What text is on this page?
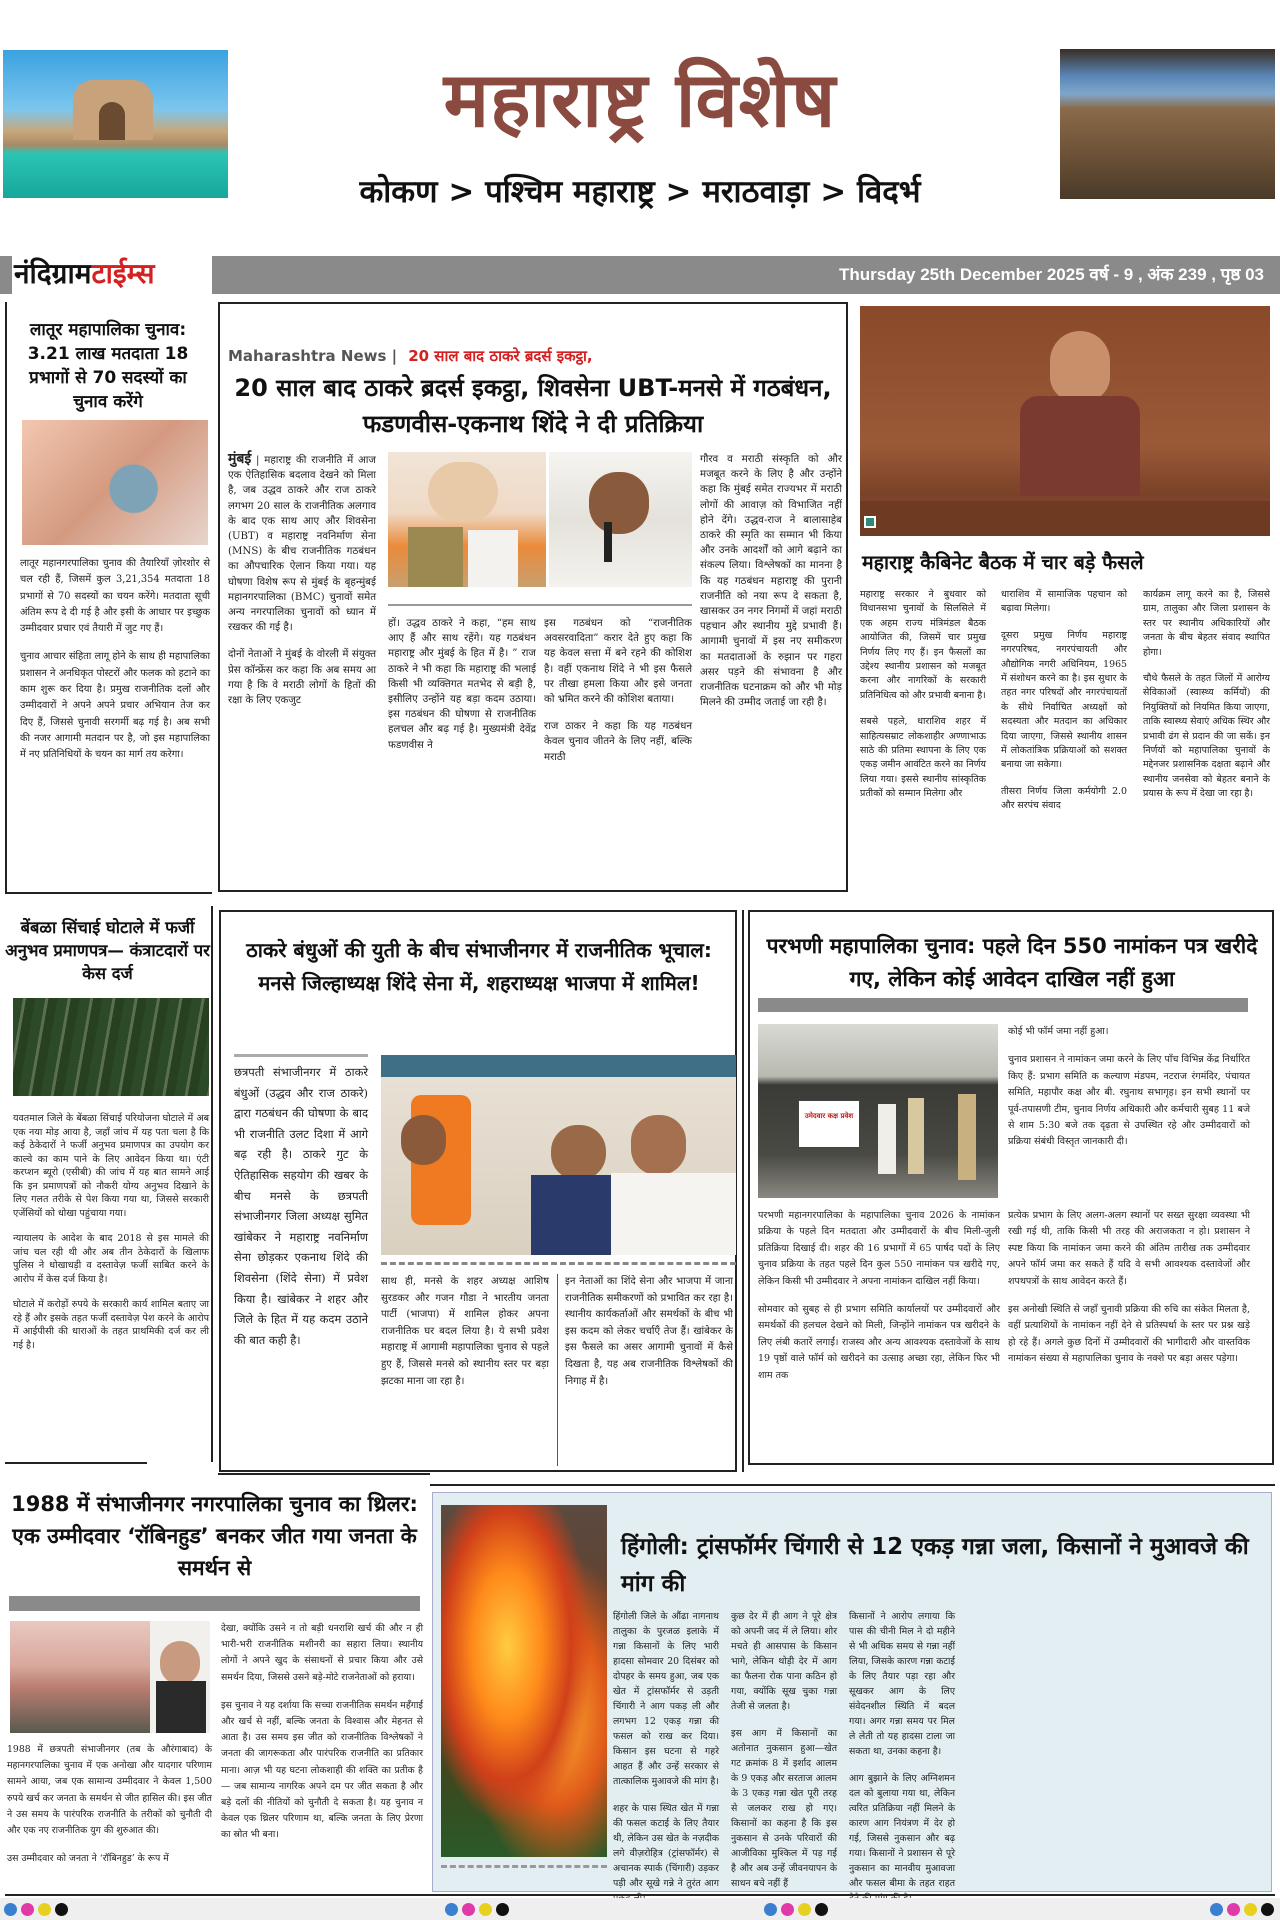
महाराष्ट्र विशेष
कोकण > पश्चिम महाराष्ट्र > मराठवाड़ा > विदर्भ
नंदिग्रामटाईम्स	Thursday 25th December 2025 वर्ष - 9 , अंक 239 , पृष्ठ 03
लातूर महापालिका चुनाव: 3.21 लाख मतदाता 18 प्रभागों से 70 सदस्यों का चुनाव करेंगे

लातूर महानगरपालिका चुनाव की तैयारियाँ ज़ोरशोर से चल रही हैं, जिसमें कुल 3,21,354 मतदाता 18 प्रभागों से 70 सदस्यों का चयन करेंगे। मतदाता सूची अंतिम रूप दे दी गई है और इसी के आधार पर इच्छुक उम्मीदवार प्रचार एवं तैयारी में जुट गए हैं।

चुनाव आचार संहिता लागू होने के साथ ही महापालिका प्रशासन ने अनधिकृत पोस्टरों और फलक को हटाने का काम शुरू कर दिया है। प्रमुख राजनीतिक दलों और उम्मीदवारों ने अपने अपने प्रचार अभियान तेज कर दिए हैं, जिससे चुनावी सरगर्मी बढ़ गई है। अब सभी की नजर आगामी मतदान पर है, जो इस महापालिका में नए प्रतिनिधियों के चयन का मार्ग तय करेगा।

Maharashtra News | 20 साल बाद ठाकरे ब्रदर्स इकट्ठा,
20 साल बाद ठाकरे ब्रदर्स इकट्ठा, शिवसेना UBT-मनसे में गठबंधन, फडणवीस-एकनाथ शिंदे ने दी प्रतिक्रिया

मुंबई | महाराष्ट्र की राजनीति में आज एक ऐतिहासिक बदलाव देखने को मिला है, जब उद्धव ठाकरे और राज ठाकरे लगभग 20 साल के राजनीतिक अलगाव के बाद एक साथ आए और शिवसेना (UBT) व महाराष्ट्र नवनिर्माण सेना (MNS) के बीच राजनीतिक गठबंधन का औपचारिक ऐलान किया गया। यह घोषणा विशेष रूप से मुंबई के बृहन्मुंबई महानगरपालिका (BMC) चुनावों समेत अन्य नगरपालिका चुनावों को ध्यान में रखकर की गई है।

दोनों नेताओं ने मुंबई के वोरली में संयुक्त प्रेस कॉन्फ्रेंस कर कहा कि अब समय आ गया है कि वे मराठी लोगों के हितों की रक्षा के लिए एकजुट

हों। उद्धव ठाकरे ने कहा, “हम साथ आए हैं और साथ रहेंगे। यह गठबंधन महाराष्ट्र और मुंबई के हित में है। ” राज ठाकरे ने भी कहा कि महाराष्ट्र की भलाई किसी भी व्यक्तिगत मतभेद से बड़ी है, इसीलिए उन्होंने यह बड़ा कदम उठाया। इस गठबंधन की घोषणा से राजनीतिक हलचल और बढ़ गई है। मुख्यमंत्री देवेंद्र फडणवीस ने

इस गठबंधन को “राजनीतिक अवसरवादिता” करार देते हुए कहा कि यह केवल सत्ता में बने रहने की कोशिश है। वहीं एकनाथ शिंदे ने भी इस फैसले पर तीखा हमला किया और इसे जनता को भ्रमित करने की कोशिश बताया।

राज ठाकर ने कहा कि यह गठबंधन केवल चुनाव जीतने के लिए नहीं, बल्कि मराठी

गौरव व मराठी संस्कृति को और मजबूत करने के लिए है और उन्होंने कहा कि मुंबई समेत राज्यभर में मराठी लोगों की आवाज़ को विभाजित नहीं होने देंगे। उद्धव-राज ने बालासाहेब ठाकरे की स्मृति का सम्मान भी किया और उनके आदर्शों को आगे बढ़ाने का संकल्प लिया। विश्लेषकों का मानना है कि यह गठबंधन महाराष्ट्र की पुरानी राजनीति को नया रूप दे सकता है, खासकर उन नगर निगमों में जहां मराठी पहचान और स्थानीय मुद्दे प्रभावी हैं। आगामी चुनावों में इस नए समीकरण का मतदाताओं के रुझान पर गहरा असर पड़ने की संभावना है और राजनीतिक घटनाक्रम को और भी मोड़ मिलने की उम्मीद जताई जा रही है।

महाराष्ट्र कैबिनेट बैठक में चार बड़े फैसले

महाराष्ट्र सरकार ने बुधवार को विधानसभा चुनावों के सिलसिले में एक अहम राज्य मंत्रिमंडल बैठक आयोजित की, जिसमें चार प्रमुख निर्णय लिए गए हैं। इन फैसलों का उद्देश्य स्थानीय प्रशासन को मजबूत करना और नागरिकों के सरकारी प्रतिनिधित्व को और प्रभावी बनाना है।

सबसे पहले, धाराशिव शहर में साहित्यसम्राट लोकशाहीर अण्णाभाऊ साठे की प्रतिमा स्थापना के लिए एक एकड़ जमीन आवंटित करने का निर्णय लिया गया। इससे स्थानीय सांस्कृतिक प्रतीकों को सम्मान मिलेगा और

धाराशिव में सामाजिक पहचान को बढ़ावा मिलेगा।

दूसरा प्रमुख निर्णय महाराष्ट्र नगरपरिषद, नगरपंचायती और औद्योगिक नगरी अधिनियम, 1965 में संशोधन करने का है। इस सुधार के तहत नगर परिषदों और नगरपंचायतों के सीधे निर्वाचित अध्यक्षों को सदस्यता और मतदान का अधिकार दिया जाएगा, जिससे स्थानीय शासन में लोकतांत्रिक प्रक्रियाओं को सशक्त बनाया जा सकेगा।

तीसरा निर्णय जिला कर्मयोगी 2.0 और सरपंच संवाद

कार्यक्रम लागू करने का है, जिससे ग्राम, तालुका और जिला प्रशासन के स्तर पर स्थानीय अधिकारियों और जनता के बीच बेहतर संवाद स्थापित होगा।

चौथे फैसले के तहत जिलों में आरोग्य सेविकाओं (स्वास्थ्य कर्मियों) की नियुक्तियों को नियमित किया जाएगा, ताकि स्वास्थ्य सेवाएं अधिक स्थिर और प्रभावी ढंग से प्रदान की जा सकें। इन निर्णयों को महापालिका चुनावों के मद्देनजर प्रशासनिक दक्षता बढ़ाने और स्थानीय जनसेवा को बेहतर बनाने के प्रयास के रूप में देखा जा रहा है।

बेंबळा सिंचाई घोटाले में फर्जी अनुभव प्रमाणपत्र— कंत्राटदारों पर केस दर्ज

यवतमाल जिले के बेंबळा सिंचाई परियोजना घोटाले में अब एक नया मोड़ आया है, जहाँ जांच में यह पता चला है कि कई ठेकेदारों ने फर्जी अनुभव प्रमाणपत्र का उपयोग कर काल्वे का काम पाने के लिए आवेदन किया था। एंटी करप्शन ब्यूरो (एसीबी) की जांच में यह बात सामने आई कि इन प्रमाणपत्रों को नौकरी योग्य अनुभव दिखाने के लिए गलत तरीके से पेश किया गया था, जिससे सरकारी एजेंसियों को धोखा पहुंचाया गया।

न्यायालय के आदेश के बाद 2018 से इस मामले की जांच चल रही थी और अब तीन ठेकेदारों के खिलाफ पुलिस ने धोखाधड़ी व दस्तावेज़ फर्जी साबित करने के आरोप में केस दर्ज किया है।

घोटाले में करोड़ों रुपये के सरकारी कार्य शामिल बताए जा रहे हैं और इसके तहत फर्जी दस्तावेज़ पेश करने के आरोप में आईपीसी की धाराओं के तहत प्राथमिकी दर्ज कर ली गई है।

ठाकरे बंधुओं की युती के बीच संभाजीनगर में राजनीतिक भूचाल: मनसे जिल्हाध्यक्ष शिंदे सेना में, शहराध्यक्ष भाजपा में शामिल!

छत्रपती संभाजीनगर में ठाकरे बंधुओं (उद्धव और राज ठाकरे) द्वारा गठबंधन की घोषणा के बाद भी राजनीति उलट दिशा में आगे बढ़ रही है। ठाकरे गुट के ऐतिहासिक सहयोग की खबर के बीच मनसे के छत्रपती संभाजीनगर जिला अध्यक्ष सुमित खांबेकर ने महाराष्ट्र नवनिर्माण सेना छोड़कर एकनाथ शिंदे की शिवसेना (शिंदे सेना) में प्रवेश किया है। खांबेकर ने शहर और जिले के हित में यह कदम उठाने की बात कही है।

साथ ही, मनसे के शहर अध्यक्ष आशिष सुरडकर और गजन गौडा ने भारतीय जनता पार्टी (भाजपा) में शामिल होकर अपना राजनीतिक घर बदल लिया है। ये सभी प्रवेश महाराष्ट्र में आगामी महापालिका चुनाव से पहले हुए हैं, जिससे मनसे को स्थानीय स्तर पर बड़ा झटका माना जा रहा है।

इन नेताओं का शिंदे सेना और भाजपा में जाना राजनीतिक समीकरणों को प्रभावित कर रहा है। स्थानीय कार्यकर्ताओं और समर्थकों के बीच भी इस कदम को लेकर चर्चाएँ तेज हैं। खांबेकर के इस फैसले का असर आगामी चुनावों में कैसे दिखता है, यह अब राजनीतिक विश्लेषकों की निगाह में है।

परभणी महापालिका चुनाव: पहले दिन 550 नामांकन पत्र खरीदे गए, लेकिन कोई आवेदन दाखिल नहीं हुआ
उमेदवार कक्ष प्रवेश

परभणी महानगरपालिका के महापालिका चुनाव 2026 के नामांकन प्रक्रिया के पहले दिन मतदाता और उम्मीदवारों के बीच मिली-जुली प्रतिक्रिया दिखाई दी। शहर की 16 प्रभागों में 65 पार्षद पदों के लिए चुनाव प्रक्रिया के तहत पहले दिन कुल 550 नामांकन पत्र खरीदे गए, लेकिन किसी भी उम्मीदवार ने अपना नामांकन दाखिल नहीं किया।

सोमवार को सुबह से ही प्रभाग समिति कार्यालयों पर उम्मीदवारों और समर्थकों की हलचल देखने को मिली, जिन्होंने नामांकन पत्र खरीदने के लिए लंबी कतारें लगाईं। राजस्व और अन्य आवश्यक दस्तावेजों के साथ 19 पृष्ठों वाले फॉर्म को खरीदने का उत्साह अच्छा रहा, लेकिन फिर भी शाम तक

कोई भी फॉर्म जमा नहीं हुआ।

चुनाव प्रशासन ने नामांकन जमा करने के लिए पाँच विभिन्न केंद्र निर्धारित किए हैं: प्रभाग समिति क कल्याण मंडपम, नटराज रंगमंदिर, पंचायत समिति, महापौर कक्ष और बी. रघुनाथ सभागृह। इन सभी स्थानों पर पूर्व-तपासणी टीम, चुनाव निर्णय अधिकारी और कर्मचारी सुबह 11 बजे से शाम 5:30 बजे तक दृढ़ता से उपस्थित रहे और उम्मीदवारों को प्रक्रिया संबंधी विस्तृत जानकारी दी।

प्रत्येक प्रभाग के लिए अलग-अलग स्थानों पर सख्त सुरक्षा व्यवस्था भी रखी गई थी, ताकि किसी भी तरह की अराजकता न हो। प्रशासन ने स्पष्ट किया कि नामांकन जमा करने की अंतिम तारीख तक उम्मीदवार अपने फॉर्म जमा कर सकते हैं यदि वे सभी आवश्यक दस्तावेजों और शपथपत्रों के साथ आवेदन करते हैं।

इस अनोखी स्थिति से जहाँ चुनावी प्रक्रिया की रुचि का संकेत मिलता है, वहीं प्रत्याशियों के नामांकन नहीं देने से प्रतिस्पर्धा के स्तर पर प्रश्न खड़े हो रहे हैं। अगले कुछ दिनों में उम्मीदवारों की भागीदारी और वास्तविक नामांकन संख्या से महापालिका चुनाव के नक्शे पर बड़ा असर पड़ेगा।

1988 में संभाजीनगर नगरपालिका चुनाव का थ्रिलर: एक उम्मीदवार ‘रॉबिनहुड’ बनकर जीत गया जनता के समर्थन से

1988 में छत्रपती संभाजीनगर (तब के औरंगाबाद) के महानगरपालिका चुनाव में एक अनोखा और यादगार परिणाम सामने आया, जब एक सामान्य उम्मीदवार ने केवल 1,500 रुपये खर्च कर जनता के समर्थन से जीत हासिल की। इस जीत ने उस समय के पारंपरिक राजनीति के तरीकों को चुनौती दी और एक नए राजनीतिक युग की शुरुआत की।

उस उम्मीदवार को जनता ने ‘रॉबिनहुड’ के रूप में

देखा, क्योंकि उसने न तो बड़ी धनराशि खर्च की और न ही भारी-भरी राजनीतिक मशीनरी का सहारा लिया। स्थानीय लोगों ने अपने खुद के संसाधनों से प्रचार किया और उसे समर्थन दिया, जिससे उसने बड़े-मोटे राजनेताओं को हराया।

इस चुनाव ने यह दर्शाया कि सच्चा राजनीतिक समर्थन महँगाई और खर्च से नहीं, बल्कि जनता के विश्वास और मेहनत से आता है। उस समय इस जीत को राजनीतिक विश्लेषकों ने जनता की जागरूकता और पारंपरिक राजनीति का प्रतिकार माना। आज़ भी यह घटना लोकशाही की शक्ति का प्रतीक है — जब सामान्य नागरिक अपने दम पर जीत सकता है और बड़े दलों की नीतियों को चुनौती दे सकता है। यह चुनाव न केवल एक थ्रिलर परिणाम था, बल्कि जनता के लिए प्रेरणा का स्रोत भी बना।

हिंगोली: ट्रांसफॉर्मर चिंगारी से 12 एकड़ गन्ना जला, किसानों ने मुआवजे की मांग की

हिंगोली जिले के औंढा नागनाथ तालुका के पुरजळ इलाके में गन्ना किसानों के लिए भारी हादसा सोमवार 20 दिसंबर को दोपहर के समय हुआ, जब एक खेत में ट्रांसफॉर्मर से उड़ती चिंगारी ने आग पकड़ ली और लगभग 12 एकड़ गन्ना की फसल को राख कर दिया। किसान इस घटना से गहरे आहत हैं और उन्हें सरकार से तात्कालिक मुआवजे की मांग है।

शहर के पास स्थित खेत में गन्ना की फसल कटाई के लिए तैयार थी, लेकिन उस खेत के नज़दीक लगे वीज़रोहित्र (ट्रांसफॉर्मर) से अचानक स्पार्क (चिंगारी) उड़कर पड़ी और सूखे गन्ने ने तुरंत आग

कुछ देर में ही आग ने पूरे क्षेत्र को अपनी जद में ले लिया। शोर मचते ही आसपास के किसान भागे, लेकिन थोड़ी देर में आग का फैलना रोक पाना कठिन हो गया, क्योंकि सूख चुका गन्ना तेजी से जलता है।

इस आग में किसानों का अतोनात नुकसान हुआ—खेत गट क्रमांक 8 में इर्शाद आलम के 9 एकड़ और सरताज आलम के 3 एकड़ गन्ना खेत पूरी तरह से जलकर राख हो गए। किसानों का कहना है कि इस नुकसान से उनके परिवारों की आजीविका मुश्किल में पड़ गई है और अब उन्हें जीवनयापन के साधन बचे नहीं हैं

किसानों ने आरोप लगाया कि पास की चीनी मिल ने दो महीने से भी अधिक समय से गन्ना नहीं लिया, जिसके कारण गन्ना कटाई के लिए तैयार पड़ा रहा और सूखकर आग के लिए संवेदनशील स्थिति में बदल गया। अगर गन्ना समय पर मिल ले लेती तो यह हादसा टाला जा सकता था, उनका कहना है।

आग बुझाने के लिए अग्निशमन दल को बुलाया गया था, लेकिन त्वरित प्रतिक्रिया नहीं मिलने के कारण आग नियंत्रण में देर हो गई, जिससे नुकसान और बढ़ गया। किसानों ने प्रशासन से पूरे नुकसान का मानवीय मुआवजा और फसल बीमा के तहत राहत
